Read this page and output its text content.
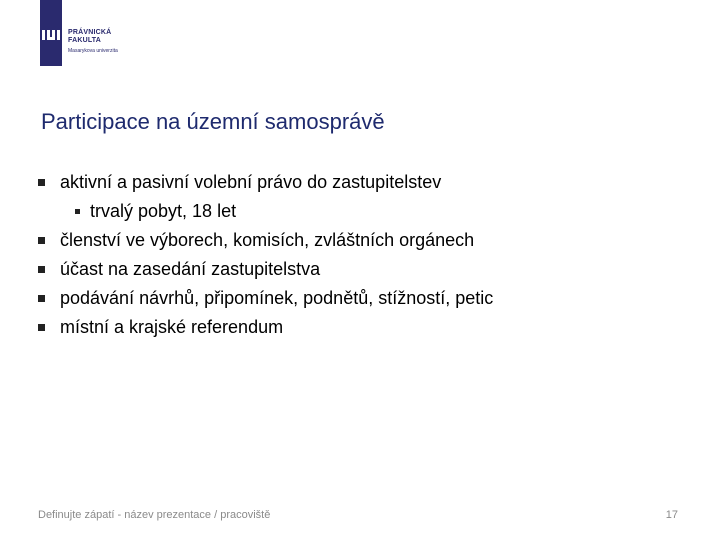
PRÁVNICKÁ
FAKULTA
Masarykova univerzita
Participace na územní samosprávě
aktivní a pasivní volební právo do zastupitelstev
trvalý pobyt, 18 let
členství ve výborech, komisích, zvláštních orgánech
účast na zasedání zastupitelstva
podávání návrhů, připomínek, podnětů, stížností, petic
místní a krajské referendum
Definujte zápatí - název prezentace / pracoviště	17
